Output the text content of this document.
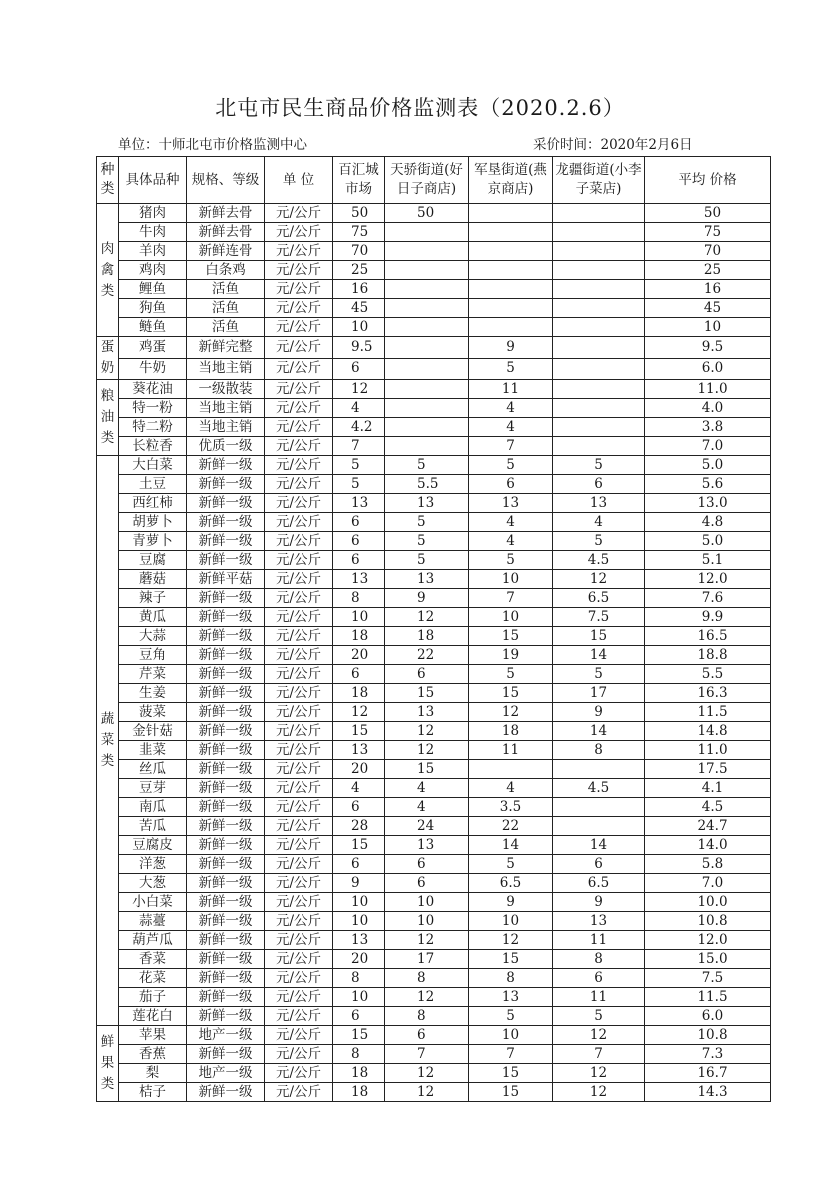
北屯市民生商品价格监测表（2020.2.6）
单位：十师北屯市价格监测中心	采价时间：2020年2月6日
种类	具体品种	规格、等级	单 位	百汇城市场	天骄街道(好日子商店)	军垦街道(燕京商店)	龙疆街道(小李子菜店)	平均 价格
肉禽类	猪肉	新鲜去骨	元/公斤	50	50			50
	牛肉	新鲜去骨	元/公斤	75				75
	羊肉	新鲜连骨	元/公斤	70				70
	鸡肉	白条鸡	元/公斤	25				25
	鲤鱼	活鱼	元/公斤	16				16
	狗鱼	活鱼	元/公斤	45				45
	鲢鱼	活鱼	元/公斤	10				10
蛋奶	鸡蛋	新鲜完整	元/公斤	9.5		9		9.5
	牛奶	当地主销	元/公斤	6		5		6.0
粮油类	葵花油	一级散装	元/公斤	12		11		11.0
	特一粉	当地主销	元/公斤	4		4		4.0
	特二粉	当地主销	元/公斤	4.2		4		3.8
	长粒香	优质一级	元/公斤	7		7		7.0
蔬菜类	大白菜	新鲜一级	元/公斤	5	5	5	5	5.0
	土豆	新鲜一级	元/公斤	5	5.5	6	6	5.6
	西红柿	新鲜一级	元/公斤	13	13	13	13	13.0
	胡萝卜	新鲜一级	元/公斤	6	5	4	4	4.8
	青萝卜	新鲜一级	元/公斤	6	5	4	5	5.0
	豆腐	新鲜一级	元/公斤	6	5	5	4.5	5.1
	蘑菇	新鲜平菇	元/公斤	13	13	10	12	12.0
	辣子	新鲜一级	元/公斤	8	9	7	6.5	7.6
	黄瓜	新鲜一级	元/公斤	10	12	10	7.5	9.9
	大蒜	新鲜一级	元/公斤	18	18	15	15	16.5
	豆角	新鲜一级	元/公斤	20	22	19	14	18.8
	芹菜	新鲜一级	元/公斤	6	6	5	5	5.5
	生姜	新鲜一级	元/公斤	18	15	15	17	16.3
	菠菜	新鲜一级	元/公斤	12	13	12	9	11.5
	金针菇	新鲜一级	元/公斤	15	12	18	14	14.8
	韭菜	新鲜一级	元/公斤	13	12	11	8	11.0
	丝瓜	新鲜一级	元/公斤	20	15			17.5
	豆芽	新鲜一级	元/公斤	4	4	4	4.5	4.1
	南瓜	新鲜一级	元/公斤	6	4	3.5		4.5
	苦瓜	新鲜一级	元/公斤	28	24	22		24.7
	豆腐皮	新鲜一级	元/公斤	15	13	14	14	14.0
	洋葱	新鲜一级	元/公斤	6	6	5	6	5.8
	大葱	新鲜一级	元/公斤	9	6	6.5	6.5	7.0
	小白菜	新鲜一级	元/公斤	10	10	9	9	10.0
	蒜薹	新鲜一级	元/公斤	10	10	10	13	10.8
	葫芦瓜	新鲜一级	元/公斤	13	12	12	11	12.0
	香菜	新鲜一级	元/公斤	20	17	15	8	15.0
	花菜	新鲜一级	元/公斤	8	8	8	6	7.5
	茄子	新鲜一级	元/公斤	10	12	13	11	11.5
	莲花白	新鲜一级	元/公斤	6	8	5	5	6.0
鲜果类	苹果	地产一级	元/公斤	15	6	10	12	10.8
	香蕉	新鲜一级	元/公斤	8	7	7	7	7.3
	梨	地产一级	元/公斤	18	12	15	12	16.7
	桔子	新鲜一级	元/公斤	18	12	15	12	14.3
